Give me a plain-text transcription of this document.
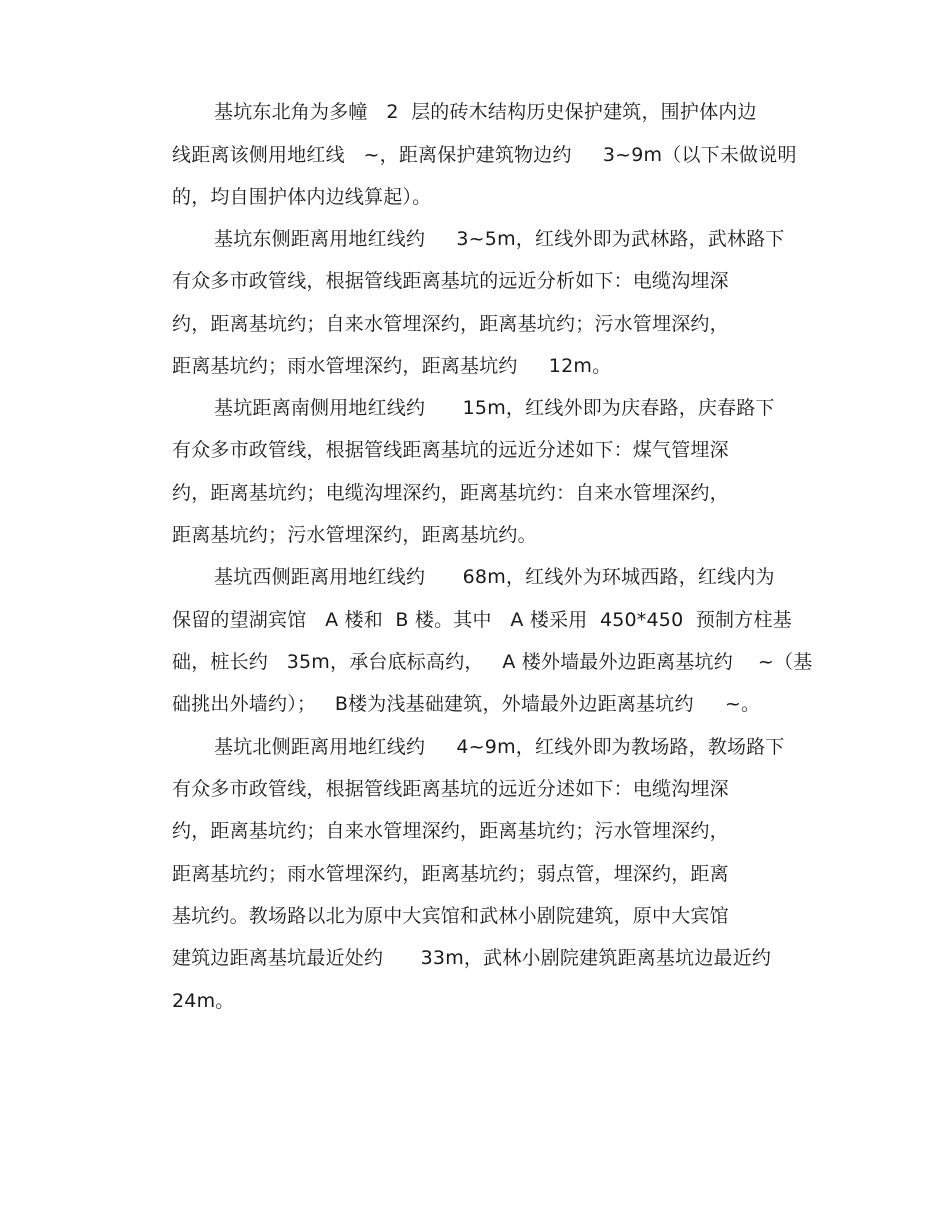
基坑东北角为多幢   2  层的砖木结构历史保护建筑，围护体内边
线距离该侧用地红线   ~，距离保护建筑物边约     3~9m（以下未做说明
的，均自围护体内边线算起）。
基坑东侧距离用地红线约     3~5m，红线外即为武林路，武林路下
有众多市政管线，根据管线距离基坑的远近分析如下：电缆沟埋深
约，距离基坑约；自来水管埋深约，距离基坑约；污水管埋深约，
距离基坑约；雨水管埋深约，距离基坑约     12m。
基坑距离南侧用地红线约      15m，红线外即为庆春路，庆春路下
有众多市政管线，根据管线距离基坑的远近分述如下：煤气管埋深
约，距离基坑约；电缆沟埋深约，距离基坑约：自来水管埋深约，
距离基坑约；污水管埋深约，距离基坑约。
基坑西侧距离用地红线约      68m，红线外为环城西路，红线内为
保留的望湖宾馆   A 楼和  B 楼。其中   A 楼采用  450*450  预制方柱基
础，桩长约   35m，承台底标高约，   A 楼外墙最外边距离基坑约    ~（基
础挑出外墙约）；   B楼为浅基础建筑，外墙最外边距离基坑约     ~。
基坑北侧距离用地红线约     4~9m，红线外即为教场路，教场路下
有众多市政管线，根据管线距离基坑的远近分述如下：电缆沟埋深
约，距离基坑约；自来水管埋深约，距离基坑约；污水管埋深约，
距离基坑约；雨水管埋深约，距离基坑约；弱点管，埋深约，距离
基坑约。教场路以北为原中大宾馆和武林小剧院建筑，原中大宾馆
建筑边距离基坑最近处约      33m，武林小剧院建筑距离基坑边最近约
24m。
